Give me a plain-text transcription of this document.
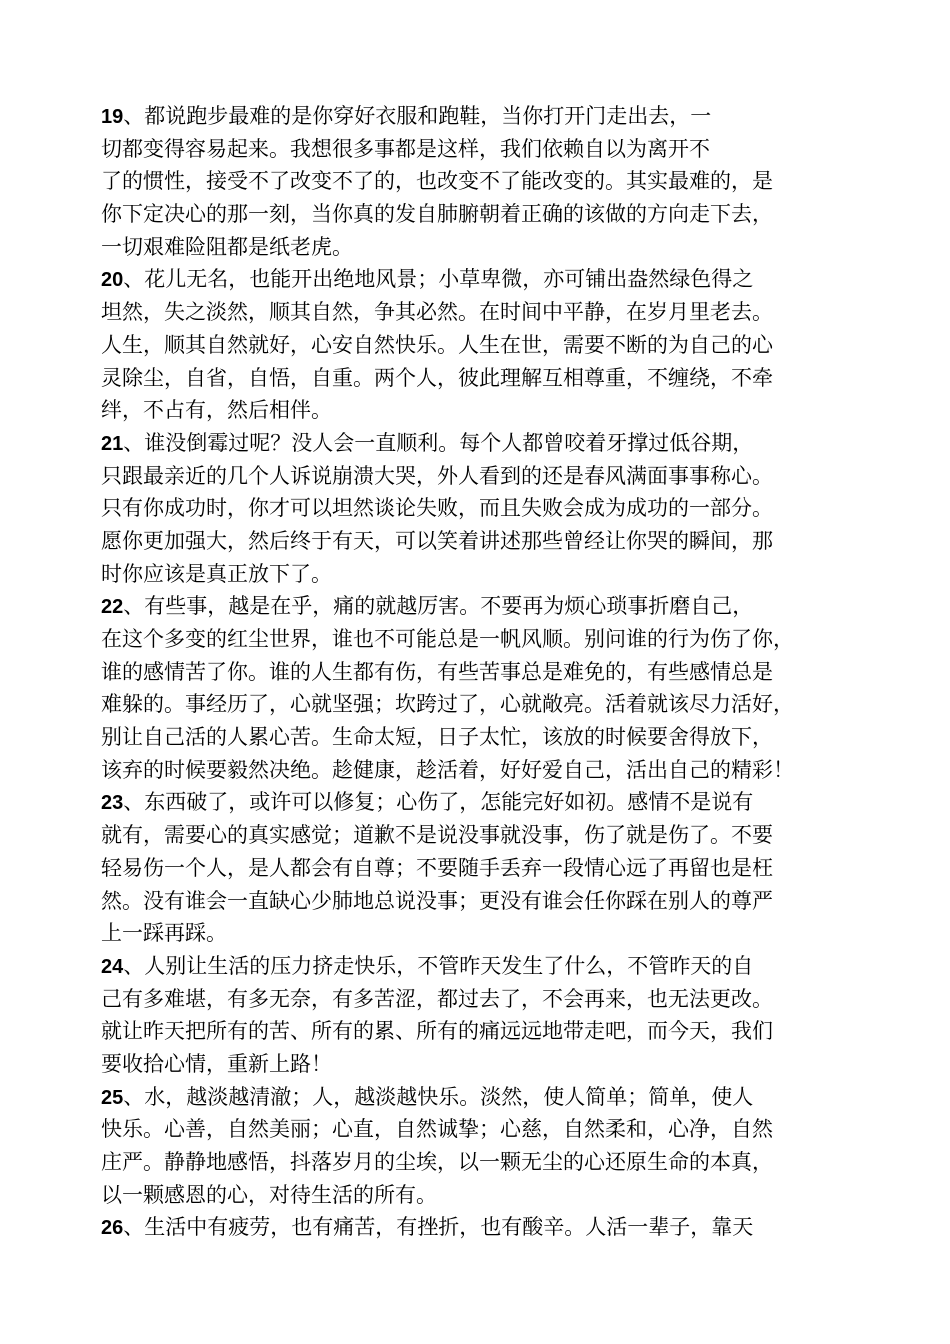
19、都说跑步最难的是你穿好衣服和跑鞋，当你打开门走出去，一
切都变得容易起来。我想很多事都是这样，我们依赖自以为离开不
了的惯性，接受不了改变不了的，也改变不了能改变的。其实最难的，是
你下定决心的那一刻，当你真的发自肺腑朝着正确的该做的方向走下去，
一切艰难险阻都是纸老虎。
20、花儿无名，也能开出绝地风景；小草卑微，亦可铺出盎然绿色得之
坦然，失之淡然，顺其自然，争其必然。在时间中平静，在岁月里老去。
人生，顺其自然就好，心安自然快乐。人生在世，需要不断的为自己的心
灵除尘，自省，自悟，自重。两个人，彼此理解互相尊重，不缠绕，不牵
绊，不占有，然后相伴。
21、谁没倒霉过呢？没人会一直顺利。每个人都曾咬着牙撑过低谷期，
只跟最亲近的几个人诉说崩溃大哭，外人看到的还是春风满面事事称心。
只有你成功时，你才可以坦然谈论失败，而且失败会成为成功的一部分。
愿你更加强大，然后终于有天，可以笑着讲述那些曾经让你哭的瞬间，那
时你应该是真正放下了。
22、有些事，越是在乎，痛的就越厉害。不要再为烦心琐事折磨自己，
在这个多变的红尘世界，谁也不可能总是一帆风顺。别问谁的行为伤了你，
谁的感情苦了你。谁的人生都有伤，有些苦事总是难免的，有些感情总是
难躲的。事经历了，心就坚强；坎跨过了，心就敞亮。活着就该尽力活好，
别让自己活的人累心苦。生命太短，日子太忙，该放的时候要舍得放下，
该弃的时候要毅然决绝。趁健康，趁活着，好好爱自己，活出自己的精彩！
23、东西破了，或许可以修复；心伤了，怎能完好如初。感情不是说有
就有，需要心的真实感觉；道歉不是说没事就没事，伤了就是伤了。不要
轻易伤一个人，是人都会有自尊；不要随手丢弃一段情心远了再留也是枉
然。没有谁会一直缺心少肺地总说没事；更没有谁会任你踩在别人的尊严
上一踩再踩。
24、人别让生活的压力挤走快乐，不管昨天发生了什么，不管昨天的自
己有多难堪，有多无奈，有多苦涩，都过去了，不会再来，也无法更改。
就让昨天把所有的苦、所有的累、所有的痛远远地带走吧，而今天，我们
要收拾心情，重新上路！
25、水，越淡越清澈；人，越淡越快乐。淡然，使人简单；简单，使人
快乐。心善，自然美丽；心直，自然诚挚；心慈，自然柔和，心净，自然
庄严。静静地感悟，抖落岁月的尘埃，以一颗无尘的心还原生命的本真，
以一颗感恩的心，对待生活的所有。
26、生活中有疲劳，也有痛苦，有挫折，也有酸辛。人活一辈子，靠天
